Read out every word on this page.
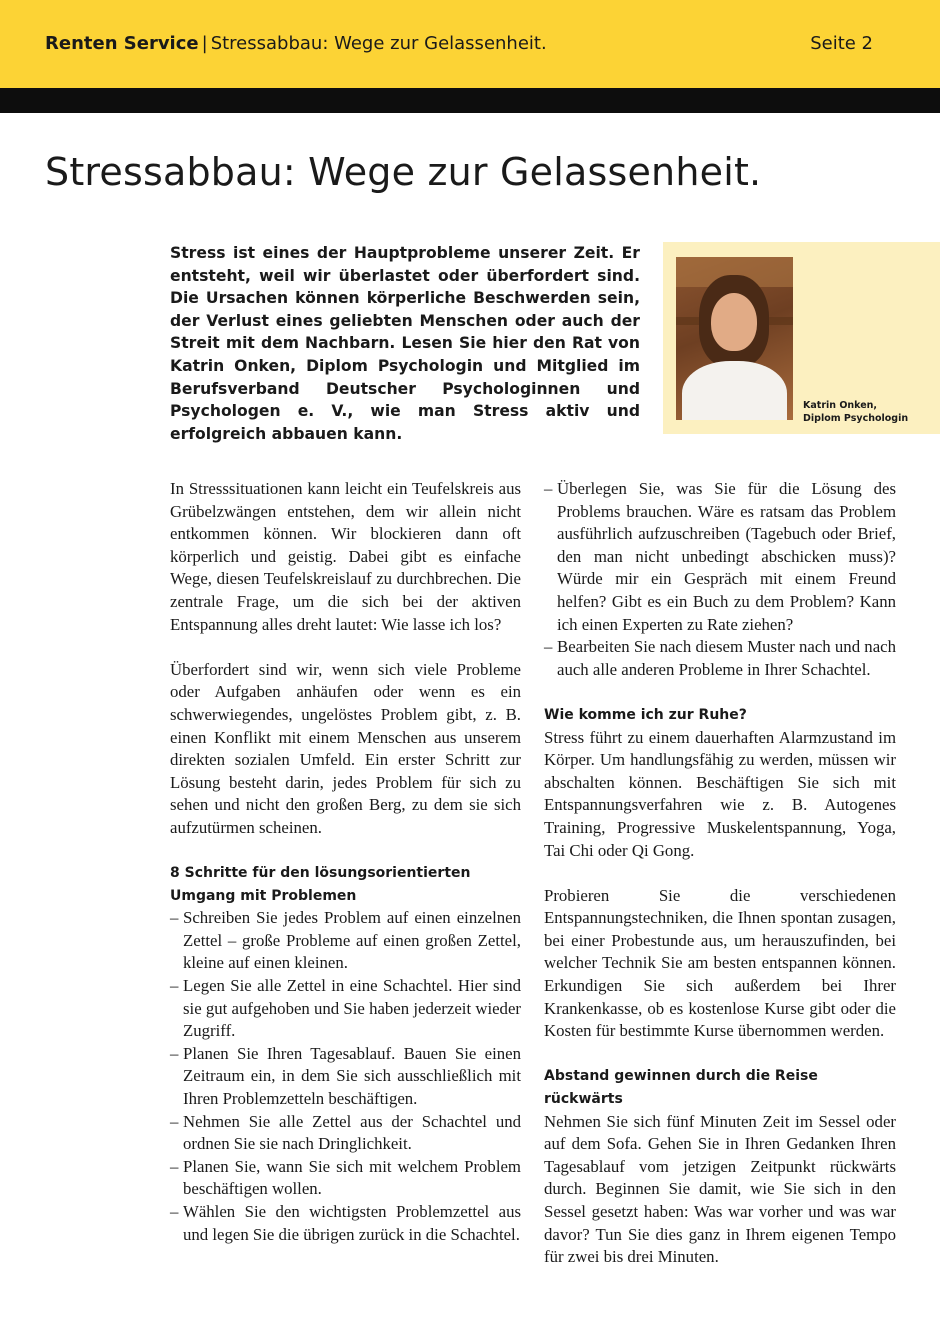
Renten Service | Stressabbau: Wege zur Gelassenheit.	Seite 2
Stressabbau: Wege zur Gelassenheit.

Stress ist eines der Hauptprobleme unserer Zeit. Er entsteht, weil wir überlastet oder überfordert sind. Die Ursachen können körperliche Beschwerden sein, der Verlust eines geliebten Menschen oder auch der Streit mit dem Nachbarn. Lesen Sie hier den Rat von Katrin Onken, Diplom Psychologin und Mitglied im Berufsverband Deutscher Psychologinnen und Psychologen e. V., wie man Stress aktiv und erfolgreich abbauen kann.

Katrin Onken,
Diplom Psychologin

In Stresssituationen kann leicht ein Teufelskreis aus Grübelzwängen entstehen, dem wir allein nicht entkommen können. Wir blockieren dann oft körperlich und geistig. Dabei gibt es einfache Wege, diesen Teufelskreislauf zu durchbrechen. Die zentrale Frage, um die sich bei der aktiven Entspannung alles dreht lautet: Wie lasse ich los?

Überfordert sind wir, wenn sich viele Probleme oder Aufgaben anhäufen oder wenn es ein schwerwiegendes, ungelöstes Problem gibt, z. B. einen Konflikt mit einem Menschen aus unserem direkten sozialen Umfeld. Ein erster Schritt zur Lösung besteht darin, jedes Problem für sich zu sehen und nicht den großen Berg, zu dem sie sich aufzutürmen scheinen.

8 Schritte für den lösungsorientierten Umgang mit Problemen
– Schreiben Sie jedes Problem auf einen einzelnen Zettel – große Probleme auf einen großen Zettel, kleine auf einen kleinen.
– Legen Sie alle Zettel in eine Schachtel. Hier sind sie gut aufgehoben und Sie haben jederzeit wieder Zugriff.
– Planen Sie Ihren Tagesablauf. Bauen Sie einen Zeitraum ein, in dem Sie sich ausschließlich mit Ihren Problemzetteln beschäftigen.
– Nehmen Sie alle Zettel aus der Schachtel und ordnen Sie sie nach Dringlichkeit.
– Planen Sie, wann Sie sich mit welchem Problem beschäftigen wollen.
– Wählen Sie den wichtigsten Problemzettel aus und legen Sie die übrigen zurück in die Schachtel.
– Überlegen Sie, was Sie für die Lösung des Problems brauchen. Wäre es ratsam das Problem ausführlich aufzuschreiben (Tagebuch oder Brief, den man nicht unbedingt abschicken muss)? Würde mir ein Gespräch mit einem Freund helfen? Gibt es ein Buch zu dem Problem? Kann ich einen Experten zu Rate ziehen?
– Bearbeiten Sie nach diesem Muster nach und nach auch alle anderen Probleme in Ihrer Schachtel.
Wie komme ich zur Ruhe?

Stress führt zu einem dauerhaften Alarmzustand im Körper. Um handlungsfähig zu werden, müssen wir abschalten können. Beschäftigen Sie sich mit Entspannungsverfahren wie z. B. Autogenes Training, Progressive Muskelentspannung, Yoga, Tai Chi oder Qi Gong.

Probieren Sie die verschiedenen Entspannungstechniken, die Ihnen spontan zusagen, bei einer Probestunde aus, um herauszufinden, bei welcher Technik Sie am besten entspannen können. Erkundigen Sie sich außerdem bei Ihrer Krankenkasse, ob es kostenlose Kurse gibt oder die Kosten für bestimmte Kurse übernommen werden.

Abstand gewinnen durch die Reise rückwärts

Nehmen Sie sich fünf Minuten Zeit im Sessel oder auf dem Sofa. Gehen Sie in Ihren Gedanken Ihren Tagesablauf vom jetzigen Zeitpunkt rückwärts durch. Beginnen Sie damit, wie Sie sich in den Sessel gesetzt haben: Was war vorher und was war davor? Tun Sie dies ganz in Ihrem eigenen Tempo für zwei bis drei Minuten.
